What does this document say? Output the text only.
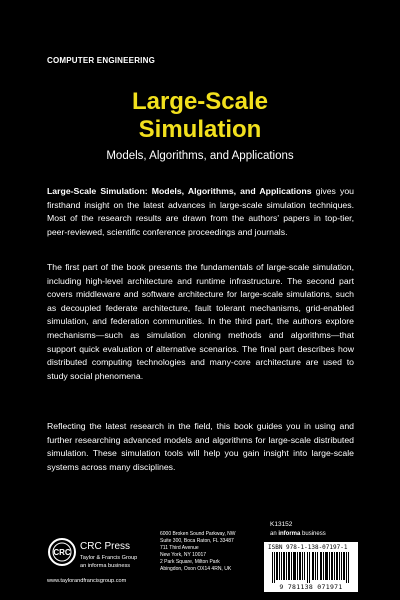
COMPUTER ENGINEERING
Large-Scale
Simulation
Models, Algorithms, and Applications

Large-Scale Simulation: Models, Algorithms, and Applications gives you firsthand insight on the latest advances in large-scale simulation techniques. Most of the research results are drawn from the authors' papers in top-tier, peer-reviewed, scientific conference proceedings and journals.

The first part of the book presents the fundamentals of large-scale simulation, including high-level architecture and runtime infrastructure. The second part covers middleware and software architecture for large-scale simulations, such as decoupled federate architecture, fault tolerant mechanisms, grid-enabled simulation, and federation communities. In the third part, the authors explore mechanisms—such as simulation cloning methods and algorithms—that support quick evaluation of alternative scenarios. The final part describes how distributed computing technologies and many-core architecture are used to study social phenomena.

Reflecting the latest research in the field, this book guides you in using and further researching advanced models and algorithms for large-scale distributed simulation. These simulation tools will help you gain insight into large-scale systems across many disciplines.

K13152
an informa business
ISBN 978-1-138-07197-1
9 781138 071971
CRC
CRC Press
Taylor & Francis Group
an informa business
www.taylorandfrancisgroup.com
6000 Broken Sound Parkway, NW
Suite 300, Boca Raton, FL 33487
711 Third Avenue
New York, NY 10017
2 Park Square, Milton Park
Abingdon, Oxon OX14 4RN, UK
